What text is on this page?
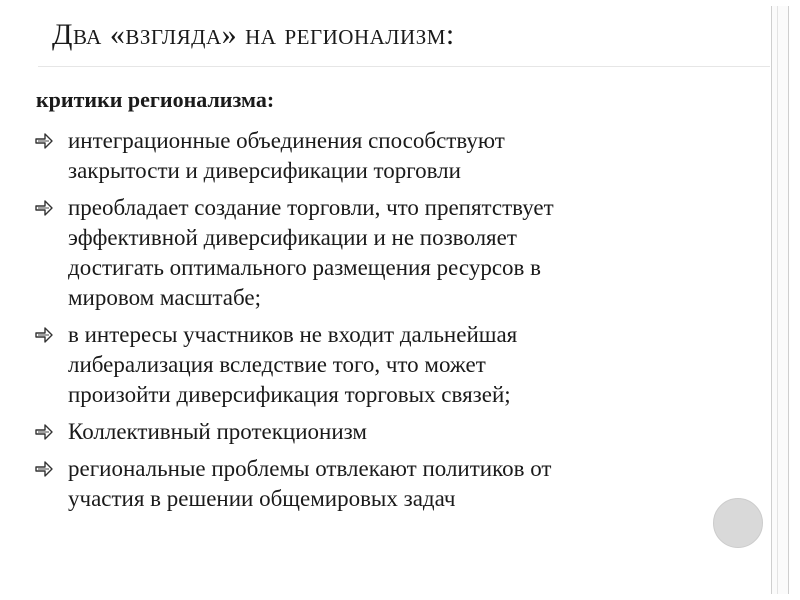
Два «взгляда» на регионализм:
критики регионализма:
интеграционные объединения способствуют
закрытости и диверсификации торговли
преобладает создание торговли, что препятствует
эффективной диверсификации и не позволяет
достигать оптимального размещения ресурсов в
мировом масштабе;
в интересы участников не входит дальнейшая
либерализация вследствие того, что может
произойти диверсификация торговых связей;
Коллективный протекционизм
региональные проблемы отвлекают политиков от
участия в решении общемировых задач
